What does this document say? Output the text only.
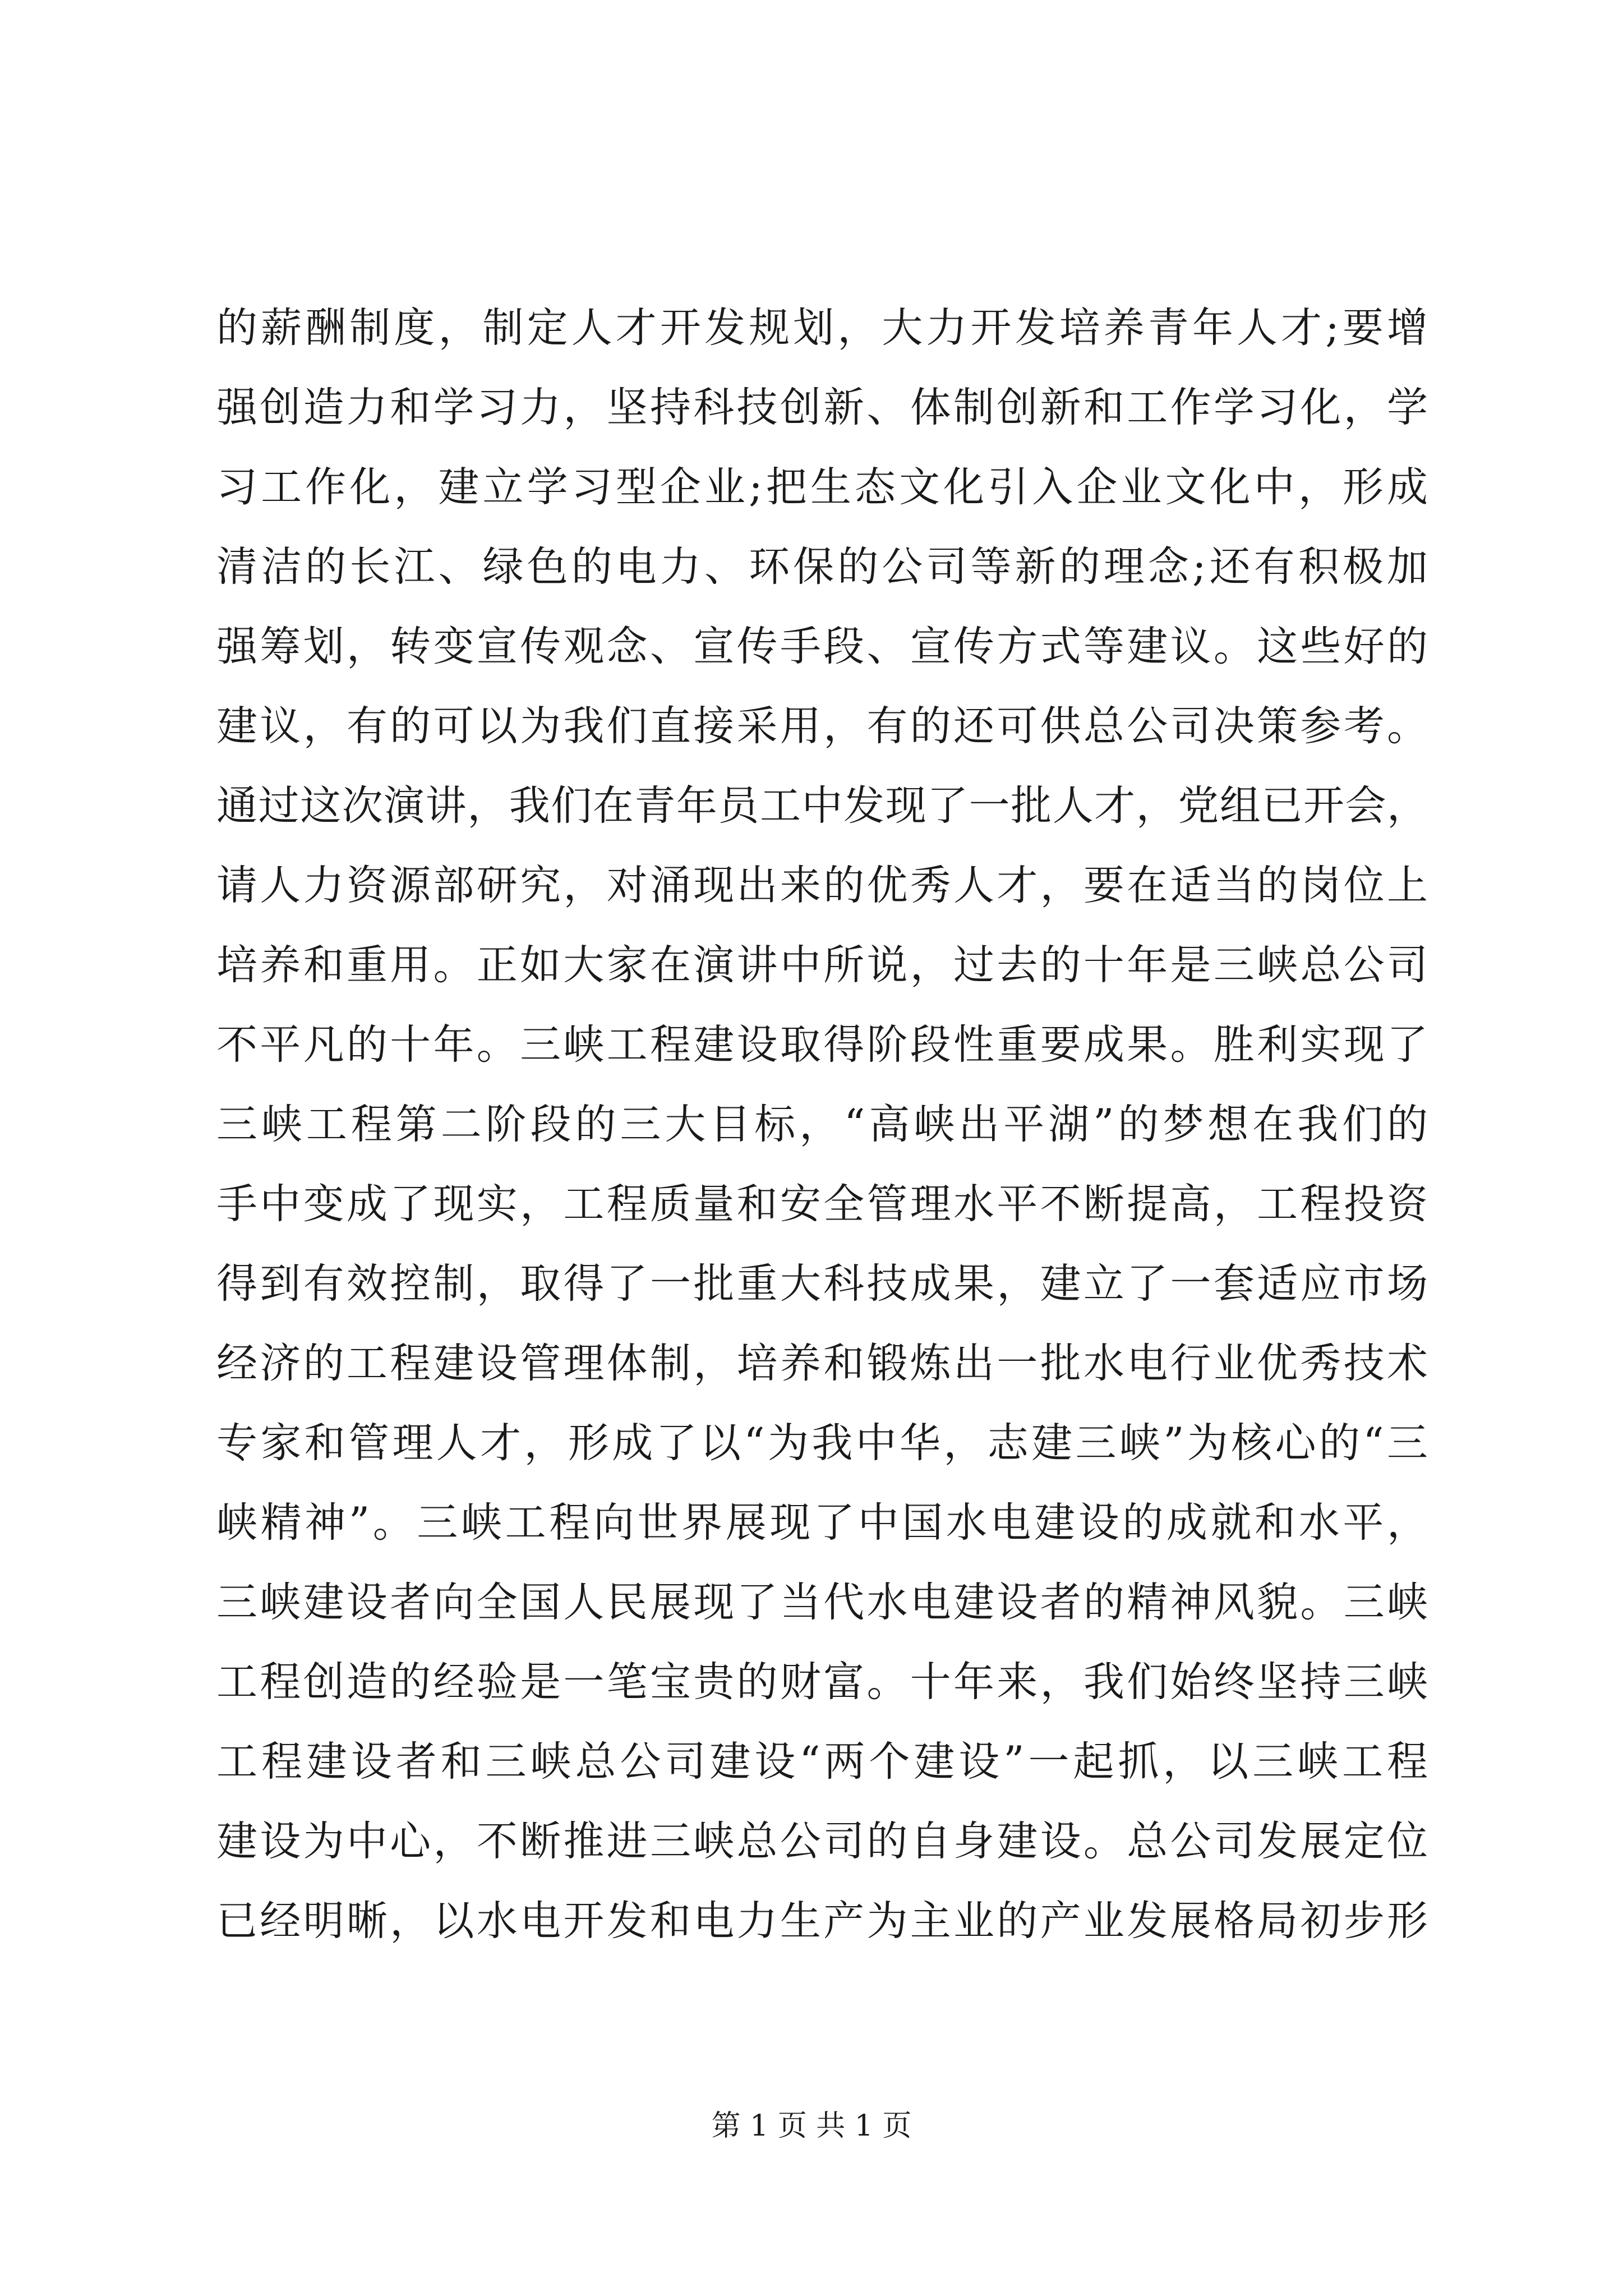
的薪酬制度，制定人才开发规划，大力开发培养青年人才;要增
强创造力和学习力，坚持科技创新、体制创新和工作学习化，学
习工作化，建立学习型企业;把生态文化引入企业文化中，形成
清洁的长江、绿色的电力、环保的公司等新的理念;还有积极加
强筹划，转变宣传观念、宣传手段、宣传方式等建议。这些好的
建议，有的可以为我们直接采用，有的还可供总公司决策参考。
通过这次演讲，我们在青年员工中发现了一批人才，党组已开会，
请人力资源部研究，对涌现出来的优秀人才，要在适当的岗位上
培养和重用。正如大家在演讲中所说，过去的十年是三峡总公司
不平凡的十年。三峡工程建设取得阶段性重要成果。胜利实现了
三峡工程第二阶段的三大目标，“高峡出平湖”的梦想在我们的
手中变成了现实，工程质量和安全管理水平不断提高，工程投资
得到有效控制，取得了一批重大科技成果，建立了一套适应市场
经济的工程建设管理体制，培养和锻炼出一批水电行业优秀技术
专家和管理人才，形成了以“为我中华，志建三峡”为核心的“三
峡精神”。三峡工程向世界展现了中国水电建设的成就和水平，
三峡建设者向全国人民展现了当代水电建设者的精神风貌。三峡
工程创造的经验是一笔宝贵的财富。十年来，我们始终坚持三峡
工程建设者和三峡总公司建设“两个建设”一起抓，以三峡工程
建设为中心，不断推进三峡总公司的自身建设。总公司发展定位
已经明晰，以水电开发和电力生产为主业的产业发展格局初步形
第 1 页 共 1 页
